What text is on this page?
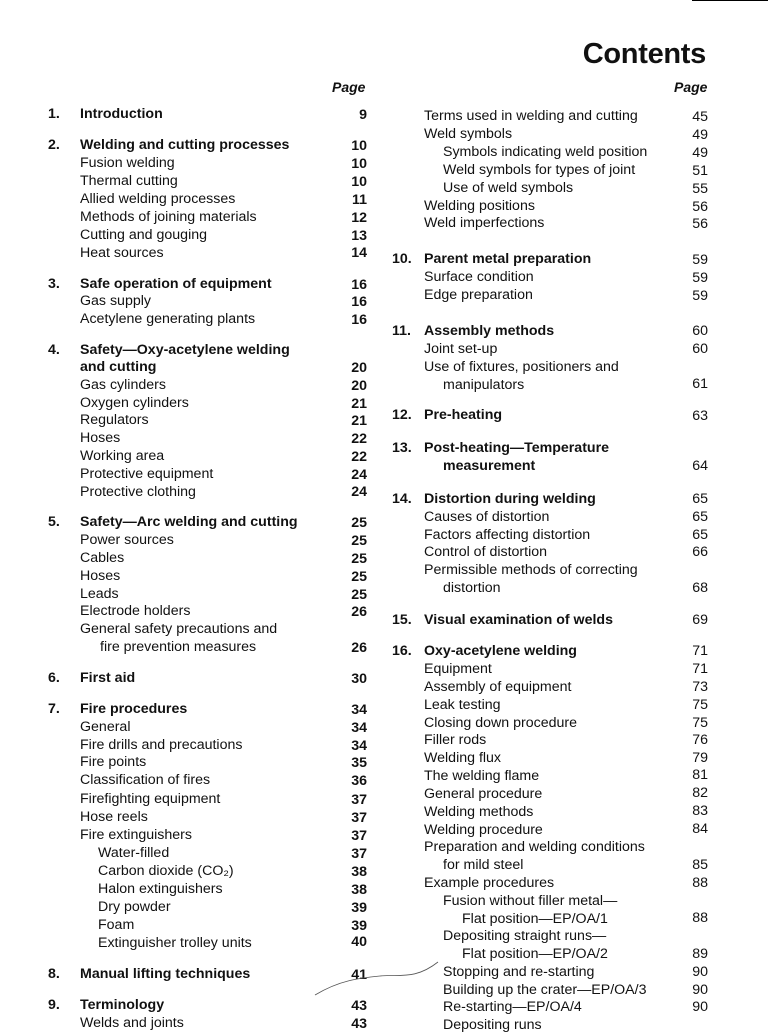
Contents
Page	Page
1. Introduction	9
2. Welding and cutting processes	10
Fusion welding	10
Thermal cutting	10
Allied welding processes	11
Methods of joining materials	12
Cutting and gouging	13
Heat sources	14
3. Safe operation of equipment	16
Gas supply	16
Acetylene generating plants	16
4. Safety—Oxy-acetylene welding
and cutting	20
Gas cylinders	20
Oxygen cylinders	21
Regulators	21
Hoses	22
Working area	22
Protective equipment	24
Protective clothing	24
5. Safety—Arc welding and cutting	25
Power sources	25
Cables	25
Hoses	25
Leads	25
Electrode holders	26
General safety precautions and
fire prevention measures	26
6. First aid	30
7. Fire procedures	34
General	34
Fire drills and precautions	34
Fire points	35
Classification of fires	36
Firefighting equipment	37
Hose reels	37
Fire extinguishers	37
Water-filled	37
Carbon dioxide (CO₂)	38
Halon extinguishers	38
Dry powder	39
Foam	39
Extinguisher trolley units	40
8. Manual lifting techniques	41
9. Terminology	43
Welds and joints	43
Terms used in welding and cutting	45
Weld symbols	49
Symbols indicating weld position	49
Weld symbols for types of joint	51
Use of weld symbols	55
Welding positions	56
Weld imperfections	56
10. Parent metal preparation	59
Surface condition	59
Edge preparation	59
11. Assembly methods	60
Joint set-up	60
Use of fixtures, positioners and
manipulators	61
12. Pre-heating	63
13. Post-heating—Temperature
measurement	64
14. Distortion during welding	65
Causes of distortion	65
Factors affecting distortion	65
Control of distortion	66
Permissible methods of correcting
distortion	68
15. Visual examination of welds	69
16. Oxy-acetylene welding	71
Equipment	71
Assembly of equipment	73
Leak testing	75
Closing down procedure	75
Filler rods	76
Welding flux	79
The welding flame	81
General procedure	82
Welding methods	83
Welding procedure	84
Preparation and welding conditions
for mild steel	85
Example procedures	88
Fusion without filler metal—
Flat position—EP/OA/1	88
Depositing straight runs—
Flat position—EP/OA/2	89
Stopping and re-starting	90
Building up the crater—EP/OA/3	90
Re-starting—EP/OA/4	90
Depositing runs
